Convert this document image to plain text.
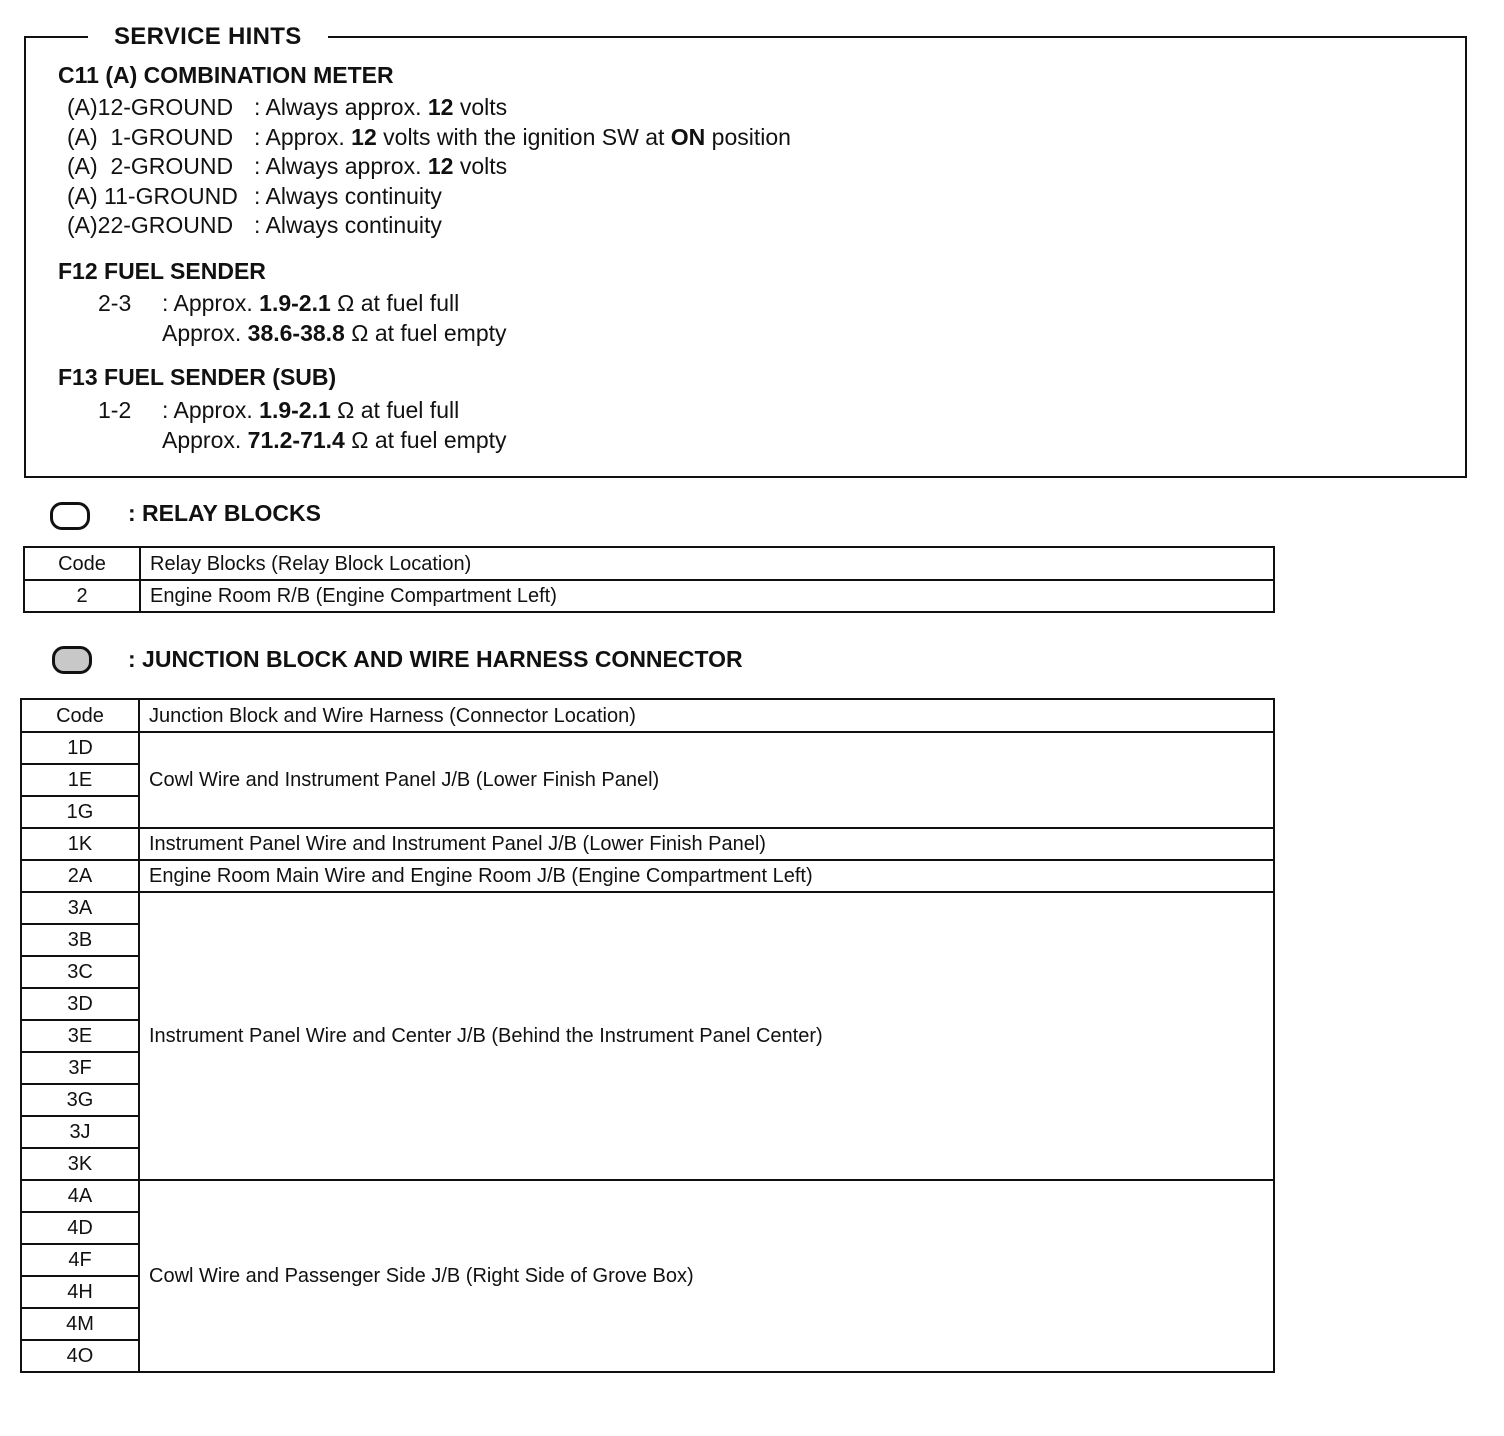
SERVICE HINTS
C11 (A) COMBINATION METER
(A)12-GROUND : Always approx. 12 volts
(A)  1-GROUND : Approx. 12 volts with the ignition SW at ON position
(A)  2-GROUND : Always approx. 12 volts
(A) 11-GROUND : Always continuity
(A)22-GROUND : Always continuity
F12 FUEL SENDER
2-3 : Approx. 1.9-2.1 Ω at fuel full
Approx. 38.6-38.8 Ω at fuel empty
F13 FUEL SENDER (SUB)
1-2 : Approx. 1.9-2.1 Ω at fuel full
Approx. 71.2-71.4 Ω at fuel empty
: RELAY BLOCKS
Code	Relay Blocks (Relay Block Location)
2	Engine Room R/B (Engine Compartment Left)
: JUNCTION BLOCK AND WIRE HARNESS CONNECTOR
Code	Junction Block and Wire Harness (Connector Location)
1D	Cowl Wire and Instrument Panel J/B (Lower Finish Panel)
1E	
1G	
1K	Instrument Panel Wire and Instrument Panel J/B (Lower Finish Panel)
2A	Engine Room Main Wire and Engine Room J/B (Engine Compartment Left)
3A	Instrument Panel Wire and Center J/B (Behind the Instrument Panel Center)
3B	
3C	
3D	
3E	
3F	
3G	
3J	
3K	
4A	Cowl Wire and Passenger Side J/B (Right Side of Grove Box)
4D	
4F	
4H	
4M	
4O	
